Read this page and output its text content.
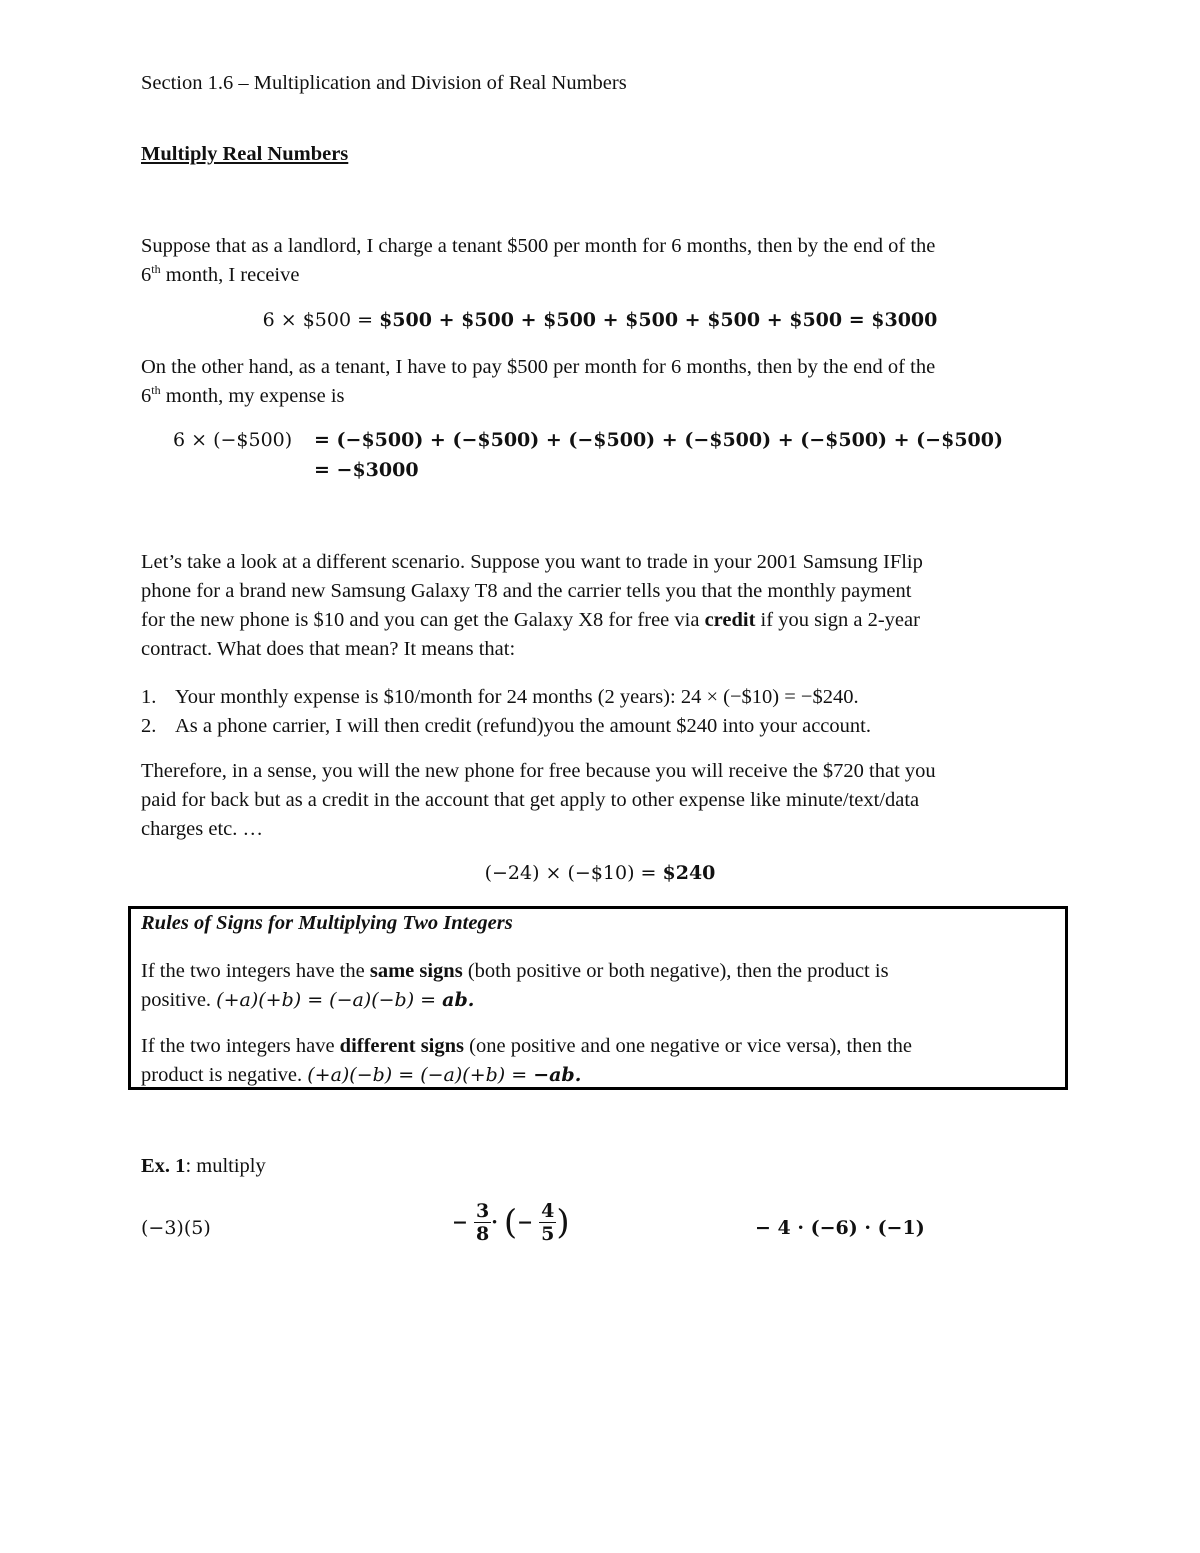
Section 1.6 – Multiplication and Division of Real Numbers
Multiply Real Numbers
Suppose that as a landlord, I charge a tenant $500 per month for 6 months, then by the end of the
6th month, I receive
6 × $500 = $500 + $500 + $500 + $500 + $500 + $500 = $3000
On the other hand, as a tenant, I have to pay $500 per month for 6 months, then by the end of the
6th month, my expense is
6 × (−$500) = (−$500) + (−$500) + (−$500) + (−$500) + (−$500) + (−$500)
= −$3000
Let’s take a look at a different scenario. Suppose you want to trade in your 2001 Samsung IFlip
phone for a brand new Samsung Galaxy T8 and the carrier tells you that the monthly payment
for the new phone is $10 and you can get the Galaxy X8 for free via credit if you sign a 2-year
contract. What does that mean? It means that:
1. Your monthly expense is $10/month for 24 months (2 years): 24 × (−$10) = −$240.
2. As a phone carrier, I will then credit (refund)you the amount $240 into your account.
Therefore, in a sense, you will the new phone for free because you will receive the $720 that you
paid for back but as a credit in the account that get apply to other expense like minute/text/data
charges etc. …
(−24) × (−$10) = $240
Rules of Signs for Multiplying Two Integers
If the two integers have the same signs (both positive or both negative), then the product is
positive. (+a)(+b) = (−a)(−b) = ab.
If the two integers have different signs (one positive and one negative or vice versa), then the
product is negative. (+a)(−b) = (−a)(+b) = −ab.
Ex. 1: multiply
(−3)(5)	− $\frac{3}{8}$ · (− $\frac{4}{5}$ )	− 4 · (−6) · (−1)
